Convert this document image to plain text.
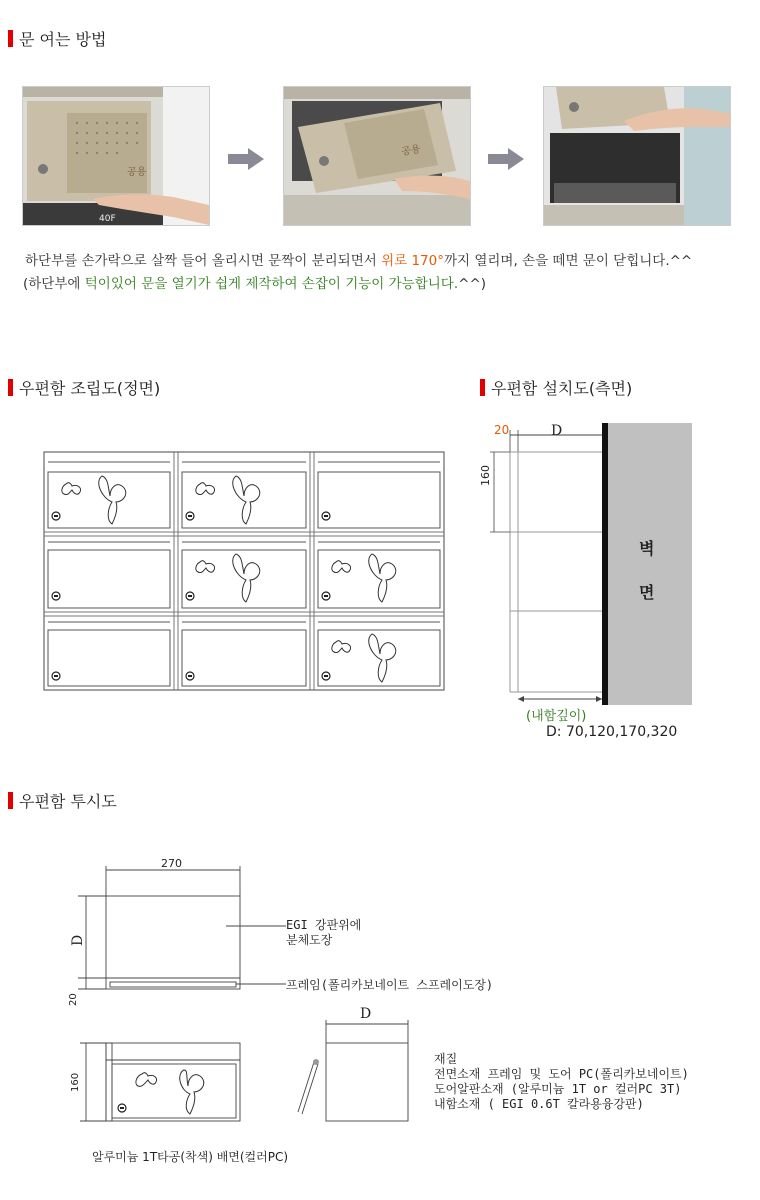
문 여는 방법
공용
40F
공용
하단부를 손가락으로 살짝 들어 올리시면 문짝이 분리되면서 위로 170°까지 열리며, 손을 떼면 문이 닫힙니다.^^
(하단부에 턱이있어 문을 열기가 쉽게 제작하여 손잡이 기능이 가능합니다.^^)
우편함 조립도(정면)	우편함 설치도(측면)
20	D
160
벽
면
(내함깊이)
D: 70,120,170,320
우편함 투시도
270
D
20
EGI 강판위에
분체도장
프레임(폴리카보네이트 스프레이도장)
160
D
알루미늄 1T타공(착색) 배면(컬러PC)
재질
전면소재 프레임 및 도어 PC(폴리카보네이트)
도어알판소재 (알루미늄 1T or 컬러PC 3T)
내함소재 ( EGI 0.6T 칼라용융강판)
